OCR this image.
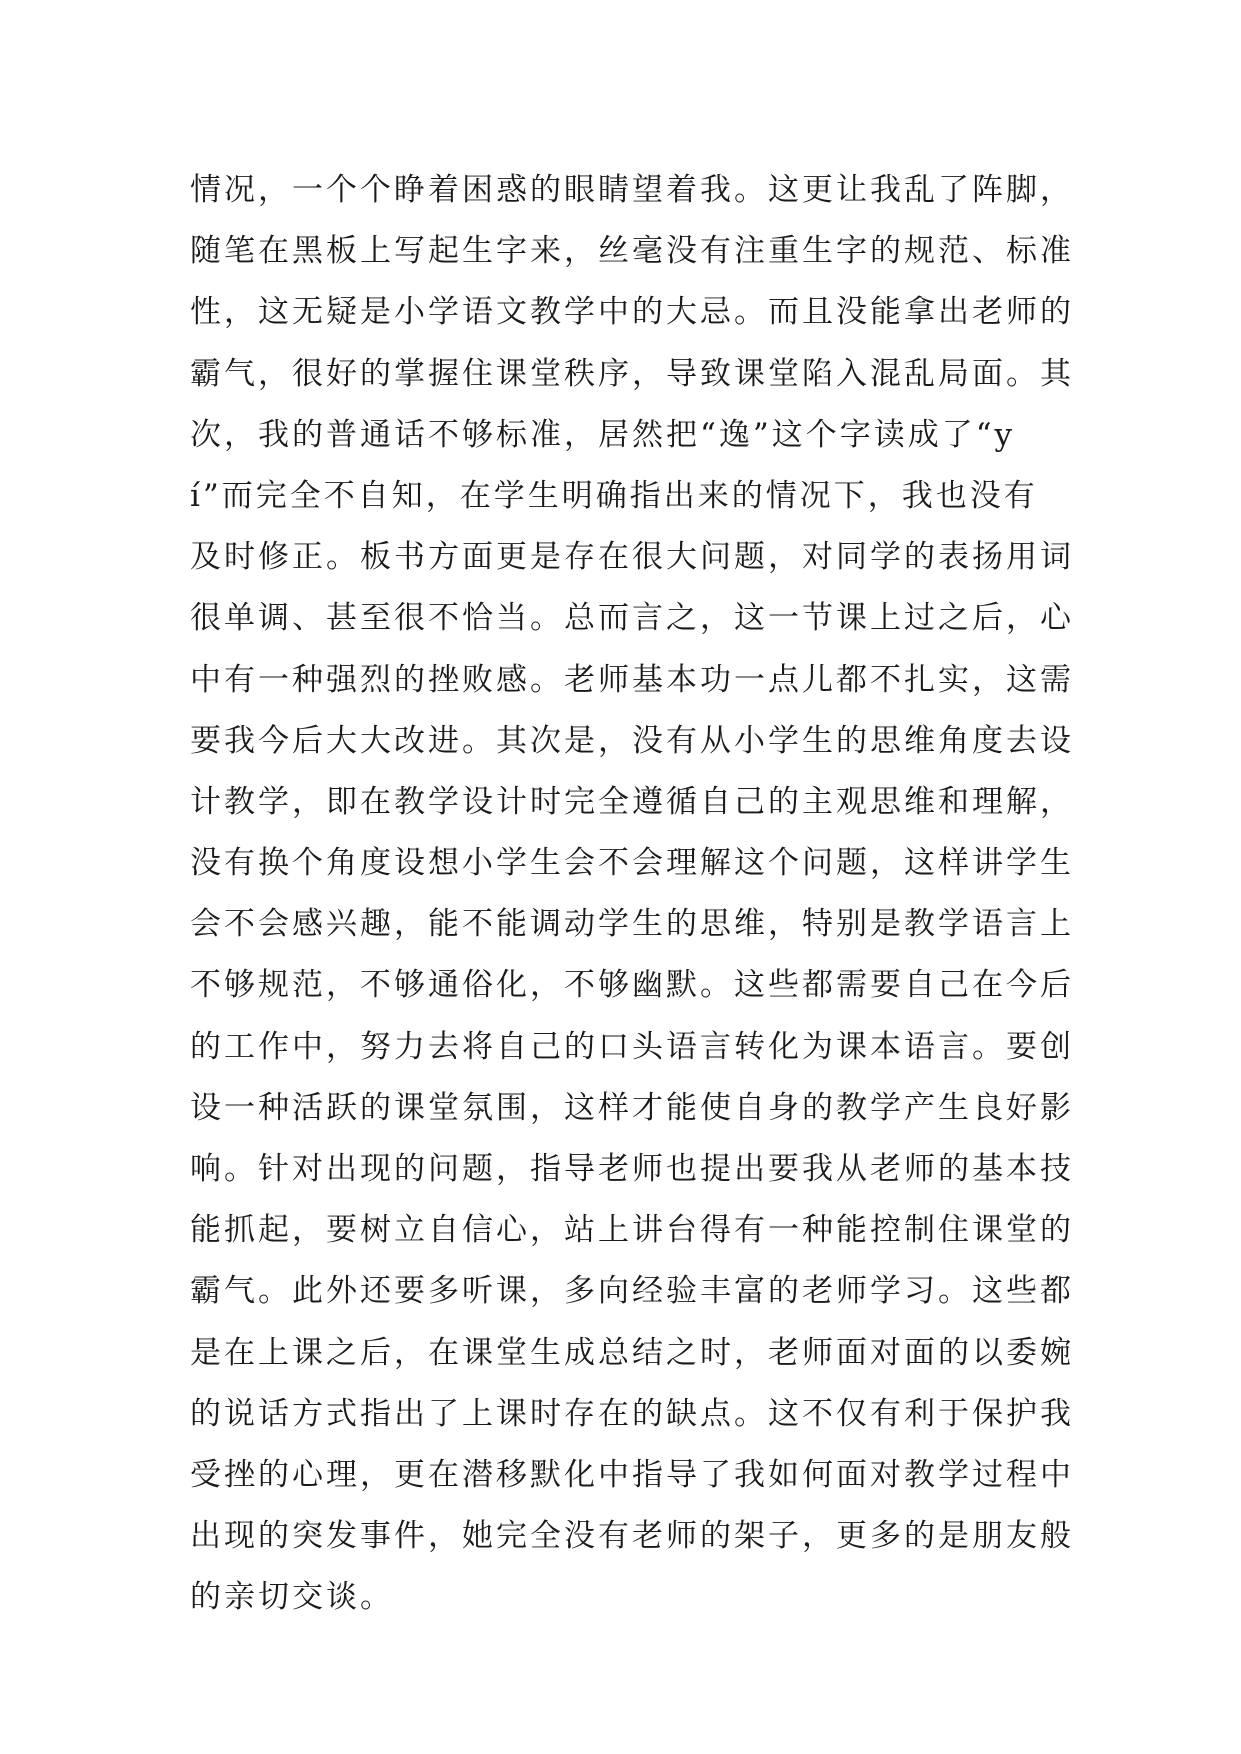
情况，一个个睁着困惑的眼睛望着我。这更让我乱了阵脚，
随笔在黑板上写起生字来，丝毫没有注重生字的规范、标准
性，这无疑是小学语文教学中的大忌。而且没能拿出老师的
霸气，很好的掌握住课堂秩序，导致课堂陷入混乱局面。其
次，我的普通话不够标准，居然把“逸”这个字读成了“y
í”而完全不自知，在学生明确指出来的情况下，我也没有
及时修正。板书方面更是存在很大问题，对同学的表扬用词
很单调、甚至很不恰当。总而言之，这一节课上过之后，心
中有一种强烈的挫败感。老师基本功一点儿都不扎实，这需
要我今后大大改进。其次是，没有从小学生的思维角度去设
计教学，即在教学设计时完全遵循自己的主观思维和理解，
没有换个角度设想小学生会不会理解这个问题，这样讲学生
会不会感兴趣，能不能调动学生的思维，特别是教学语言上
不够规范，不够通俗化，不够幽默。这些都需要自己在今后
的工作中，努力去将自己的口头语言转化为课本语言。要创
设一种活跃的课堂氛围，这样才能使自身的教学产生良好影
响。针对出现的问题，指导老师也提出要我从老师的基本技
能抓起，要树立自信心，站上讲台得有一种能控制住课堂的
霸气。此外还要多听课，多向经验丰富的老师学习。这些都
是在上课之后，在课堂生成总结之时，老师面对面的以委婉
的说话方式指出了上课时存在的缺点。这不仅有利于保护我
受挫的心理，更在潜移默化中指导了我如何面对教学过程中
出现的突发事件，她完全没有老师的架子，更多的是朋友般
的亲切交谈。
